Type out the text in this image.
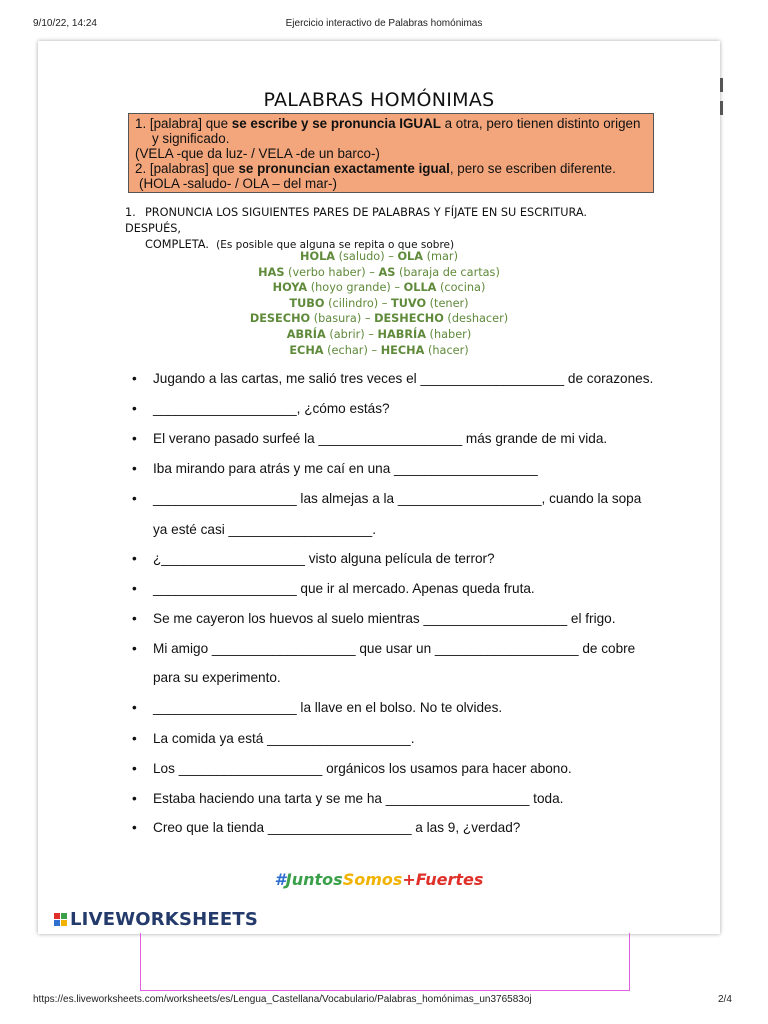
9/10/22, 14:24	Ejercicio interactivo de Palabras homónimas
PALABRAS HOMÓNIMAS
1. [palabra] que se escribe y se pronuncia IGUAL a otra, pero tienen distinto origen
y significado.
(VELA -que da luz- / VELA -de un barco-)
2. [palabras] que se pronuncian exactamente igual, pero se escriben diferente.
(HOLA -saludo- / OLA – del mar-)
1. PRONUNCIA LOS SIGUIENTES PARES DE PALABRAS Y FÍJATE EN SU ESCRITURA. DESPUÉS,
COMPLETA. (Es posible que alguna se repita o que sobre)
HOLA (saludo) – OLA (mar)
HAS (verbo haber) – AS (baraja de cartas)
HOYA (hoyo grande) – OLLA (cocina)
TUBO (cilindro) – TUVO (tener)
DESECHO (basura) – DESHECHO (deshacer)
ABRÍA (abrir) – HABRÍA (haber)
ECHA (echar) – HECHA (hacer)
• Jugando a las cartas, me salió tres veces el ___________________ de corazones.
• ___________________, ¿cómo estás?
• El verano pasado surfeé la ___________________ más grande de mi vida.
• Iba mirando para atrás y me caí en una ___________________
• ___________________ las almejas a la ___________________, cuando la sopa
ya esté casi ___________________.
• ¿___________________ visto alguna película de terror?
• ___________________ que ir al mercado. Apenas queda fruta.
• Se me cayeron los huevos al suelo mientras ___________________ el frigo.
• Mi amigo ___________________ que usar un ___________________ de cobre
para su experimento.
• ___________________ la llave en el bolso. No te olvides.
• La comida ya está ___________________.
• Los ___________________ orgánicos los usamos para hacer abono.
• Estaba haciendo una tarta y se me ha ___________________ toda.
• Creo que la tienda ___________________ a las 9, ¿verdad?
#JuntosSomos+Fuertes
LIVEWORKSHEETS
https://es.liveworksheets.com/worksheets/es/Lengua_Castellana/Vocabulario/Palabras_homónimas_un376583oj	2/4
